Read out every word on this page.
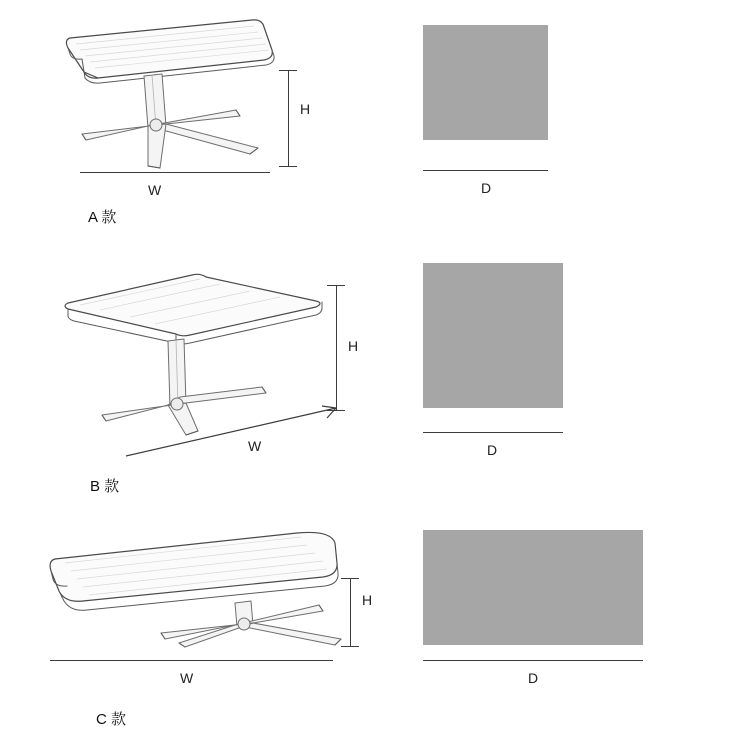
H
W
A 款
D
H
W
B 款
D
H
W
C 款
D
